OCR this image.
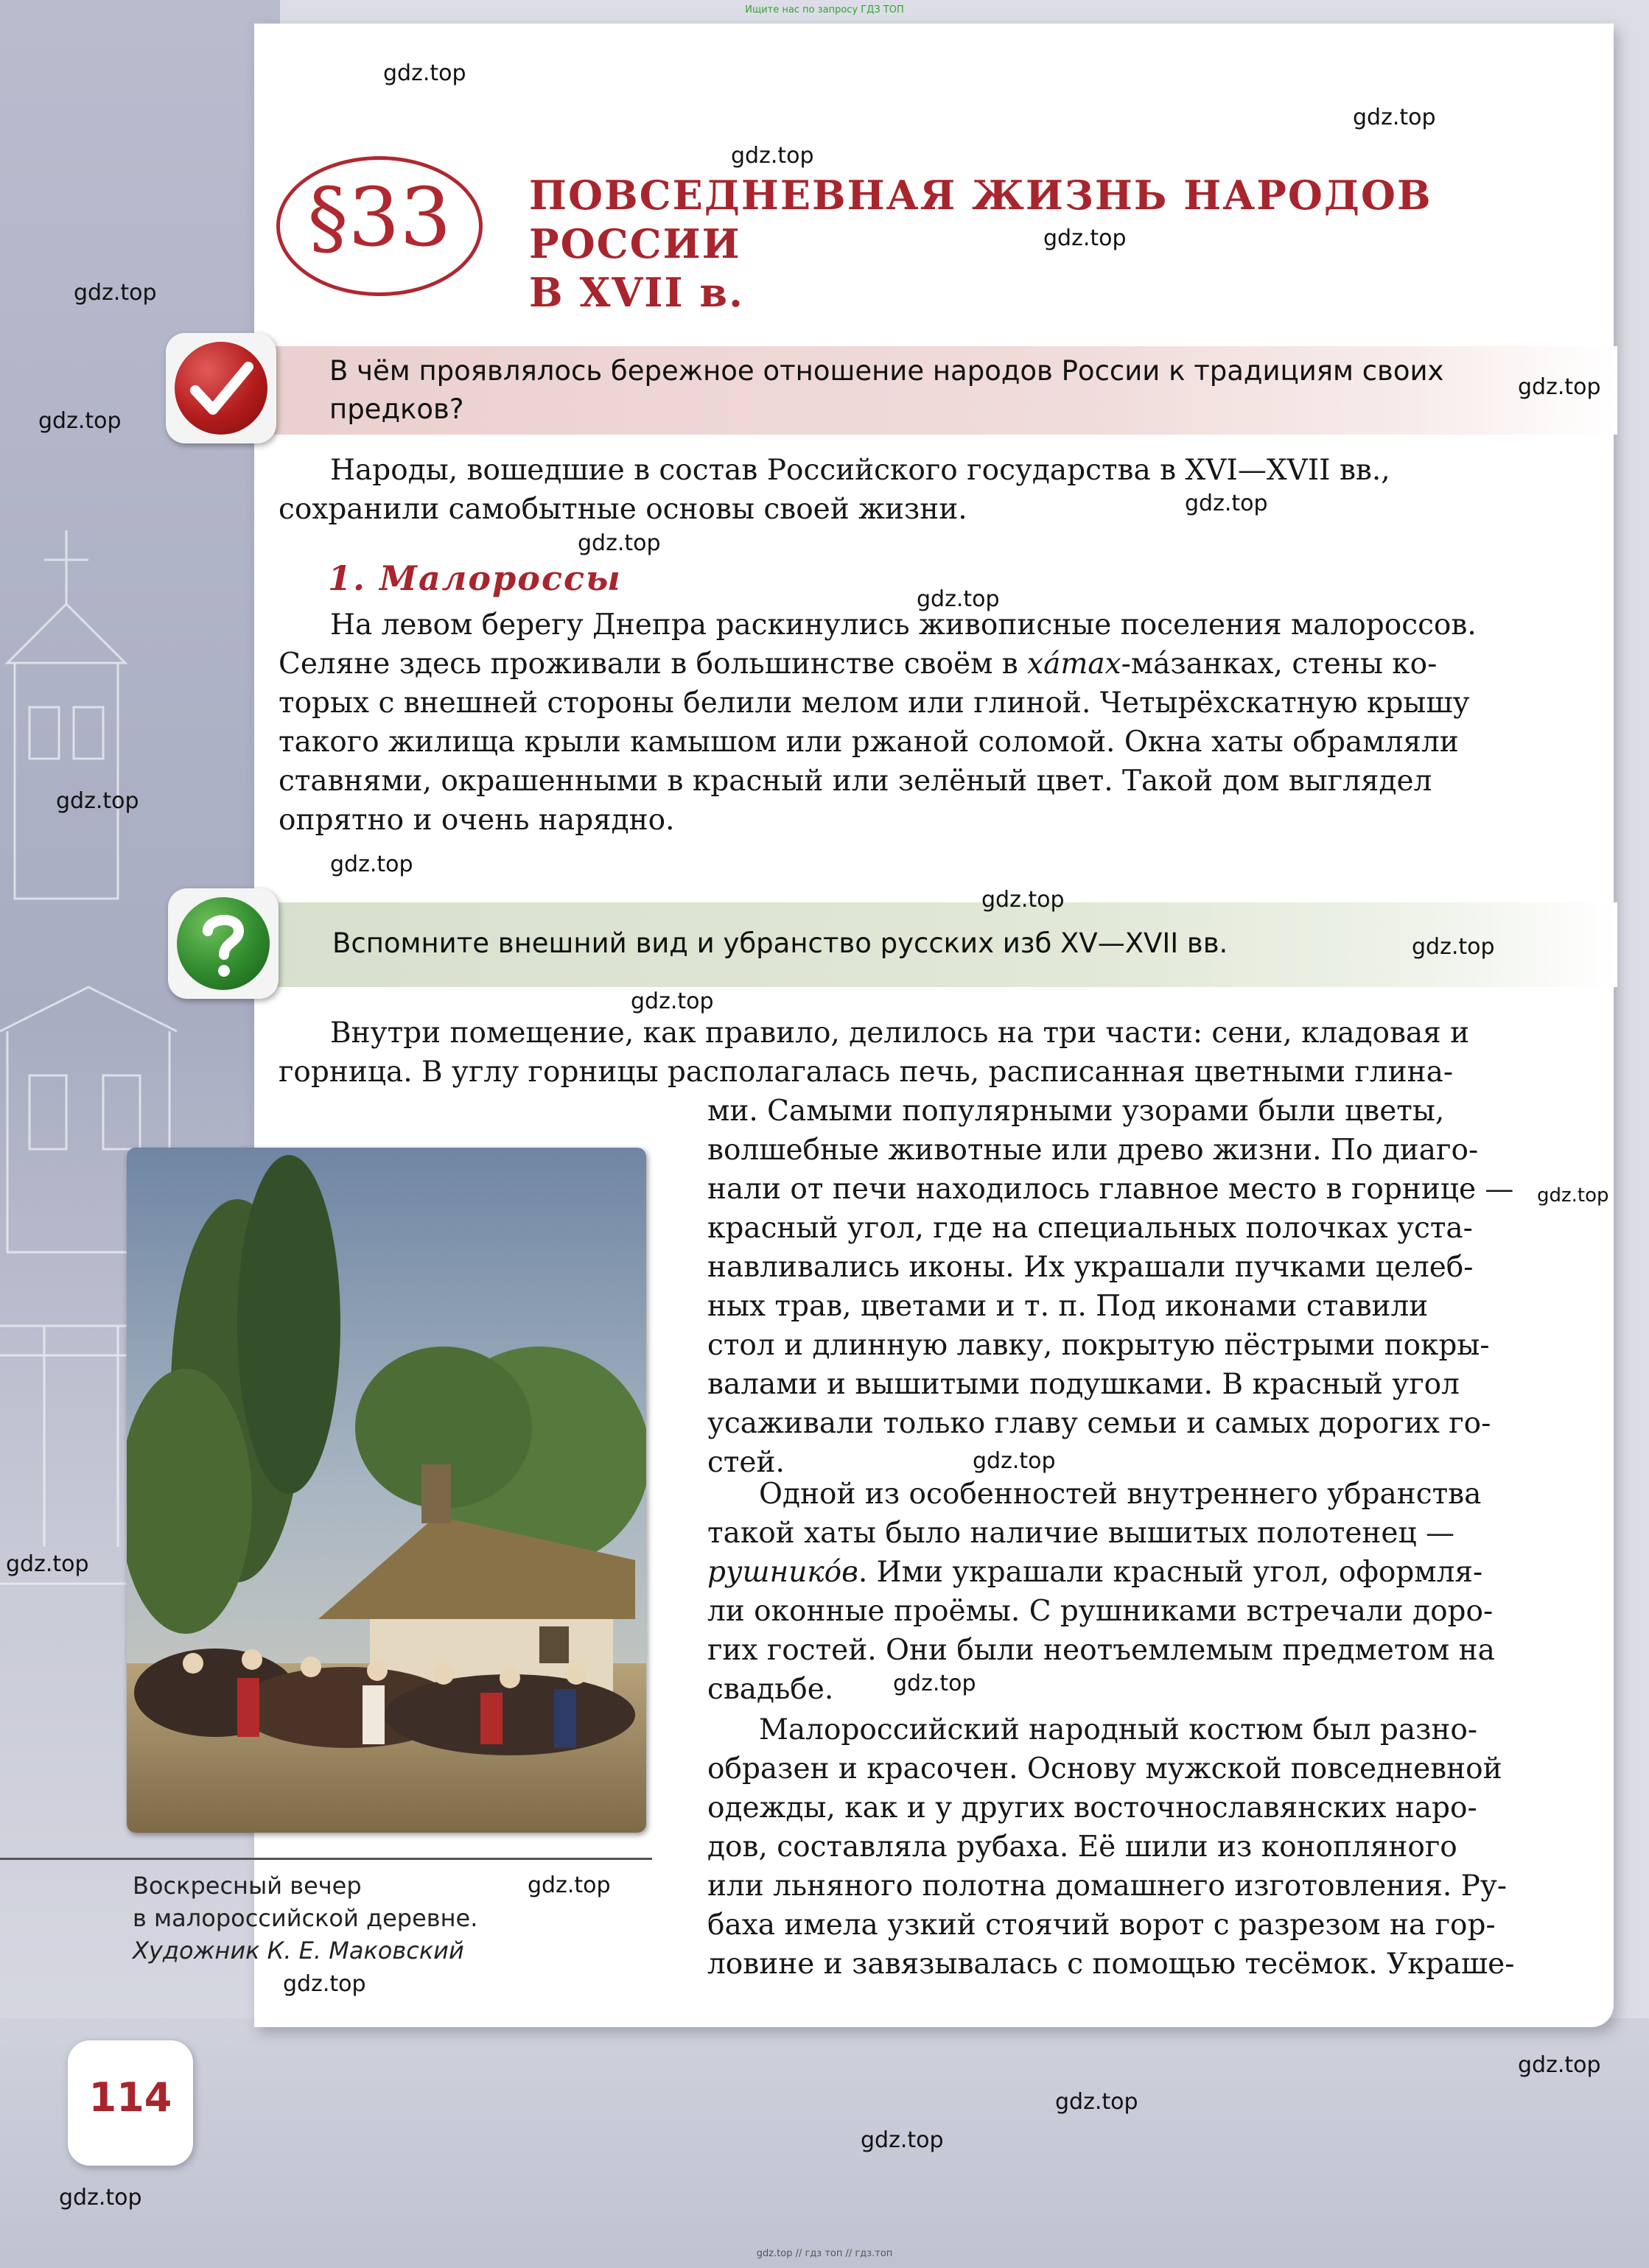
Ищите нас по запросу ГДЗ ТОП
§33	ПОВСЕДНЕВНАЯ ЖИЗНЬ НАРОДОВ РОССИИ
В XVII в.
В чём проявлялось бережное отношение народов России к традициям своих
предков?

Народы, вошедшие в состав Российского государства в XVI—XVII вв.,

сохранили самобытные основы своей жизни.

1. Малороссы

На левом берегу Днепра раскинулись живописные поселения малороссов.

Селяне здесь проживали в большинстве своём в хáтах-мáзанках, стены ко-

торых с внешней стороны белили мелом или глиной. Четырёхскатную крышу

такого жилища крыли камышом или ржаной соломой. Окна хаты обрамляли

ставнями, окрашенными в красный или зелёный цвет. Такой дом выглядел

опрятно и очень нарядно.

Вспомните внешний вид и убранство русских изб XV—XVII вв.

Внутри помещение, как правило, делилось на три части: сени, кладовая и

горница. В углу горницы располагалась печь, расписанная цветными глина-

ми. Самыми популярными узорами были цветы,

волшебные животные или древо жизни. По диаго-

нали от печи находилось главное место в горнице —

красный угол, где на специальных полочках уста-

навливались иконы. Их украшали пучками целеб-

ных трав, цветами и т. п. Под иконами ставили

стол и длинную лавку, покрытую пёстрыми покры-

валами и вышитыми подушками. В красный угол

усаживали только главу семьи и самых дорогих го-

стей.

Одной из особенностей внутреннего убранства

такой хаты было наличие вышитых полотенец —

рушникóв. Ими украшали красный угол, оформля-

ли оконные проёмы. С рушниками встречали доро-

гих гостей. Они были неотъемлемым предметом на

свадьбе.

Малороссийский народный костюм был разно-

образен и красочен. Основу мужской повседневной

одежды, как и у других восточнославянских наро-

дов, составляла рубаха. Её шили из конопляного

или льняного полотна домашнего изготовления. Ру-

баха имела узкий стоячий ворот с разрезом на гор-

ловине и завязывалась с помощью тесёмок. Украше-

Воскресный вечер
в малороссийской деревне.
Художник К. Е. Маковский
114
gdz.top
gdz.top
gdz.top
gdz.top
gdz.top
gdz.top
gdz.top
gdz.top
gdz.top
gdz.top
gdz.top
gdz.top
gdz.top
gdz.top
gdz.top
gdz.top
gdz.top
gdz.top
gdz.top
gdz.top
gdz.top
gdz.top
gdz.top
gdz.top
gdz.top
gdz.top // гдз топ // гдз.топ
